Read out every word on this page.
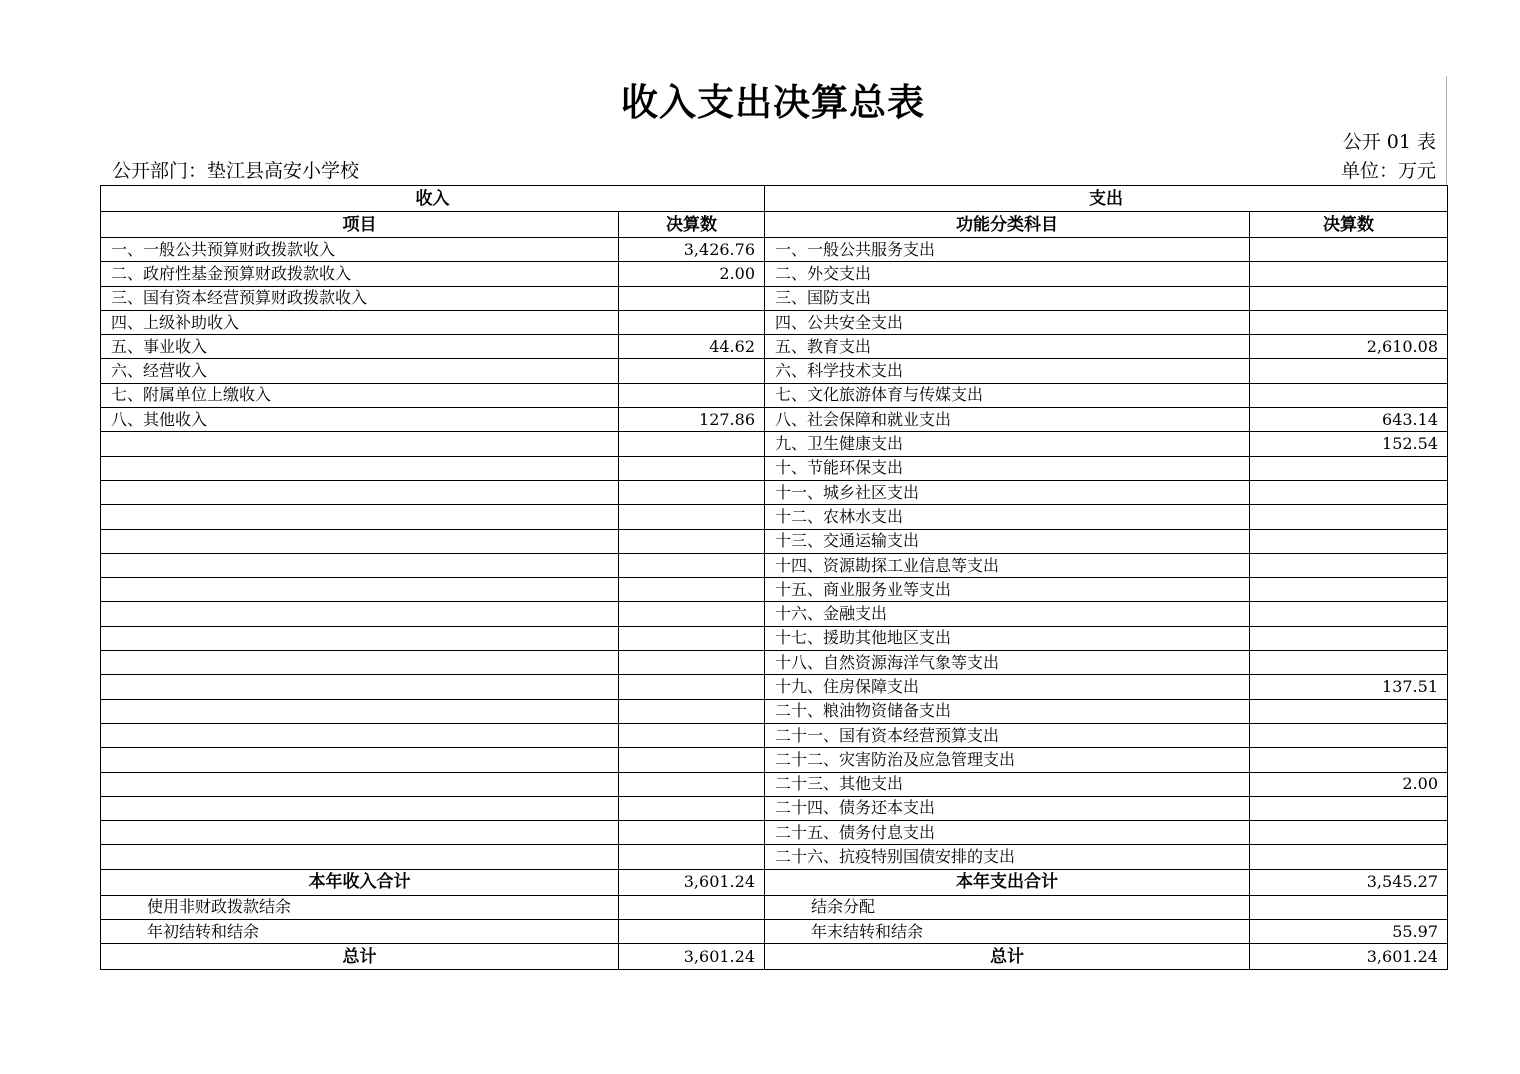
收入支出决算总表
公开 01 表
公开部门：垫江县高安小学校	单位：万元
收入		支出	
项目	决算数	功能分类科目	决算数
一、一般公共预算财政拨款收入	3,426.76	一、一般公共服务支出	
二、政府性基金预算财政拨款收入	2.00	二、外交支出	
三、国有资本经营预算财政拨款收入		三、国防支出	
四、上级补助收入		四、公共安全支出	
五、事业收入	44.62	五、教育支出	2,610.08
六、经营收入		六、科学技术支出	
七、附属单位上缴收入		七、文化旅游体育与传媒支出	
八、其他收入	127.86	八、社会保障和就业支出	643.14
		九、卫生健康支出	152.54
		十、节能环保支出	
		十一、城乡社区支出	
		十二、农林水支出	
		十三、交通运输支出	
		十四、资源勘探工业信息等支出	
		十五、商业服务业等支出	
		十六、金融支出	
		十七、援助其他地区支出	
		十八、自然资源海洋气象等支出	
		十九、住房保障支出	137.51
		二十、粮油物资储备支出	
		二十一、国有资本经营预算支出	
		二十二、灾害防治及应急管理支出	
		二十三、其他支出	2.00
		二十四、债务还本支出	
		二十五、债务付息支出	
		二十六、抗疫特别国债安排的支出	
本年收入合计	3,601.24	本年支出合计	3,545.27
使用非财政拨款结余		结余分配	
年初结转和结余		年末结转和结余	55.97
总计	3,601.24	总计	3,601.24
